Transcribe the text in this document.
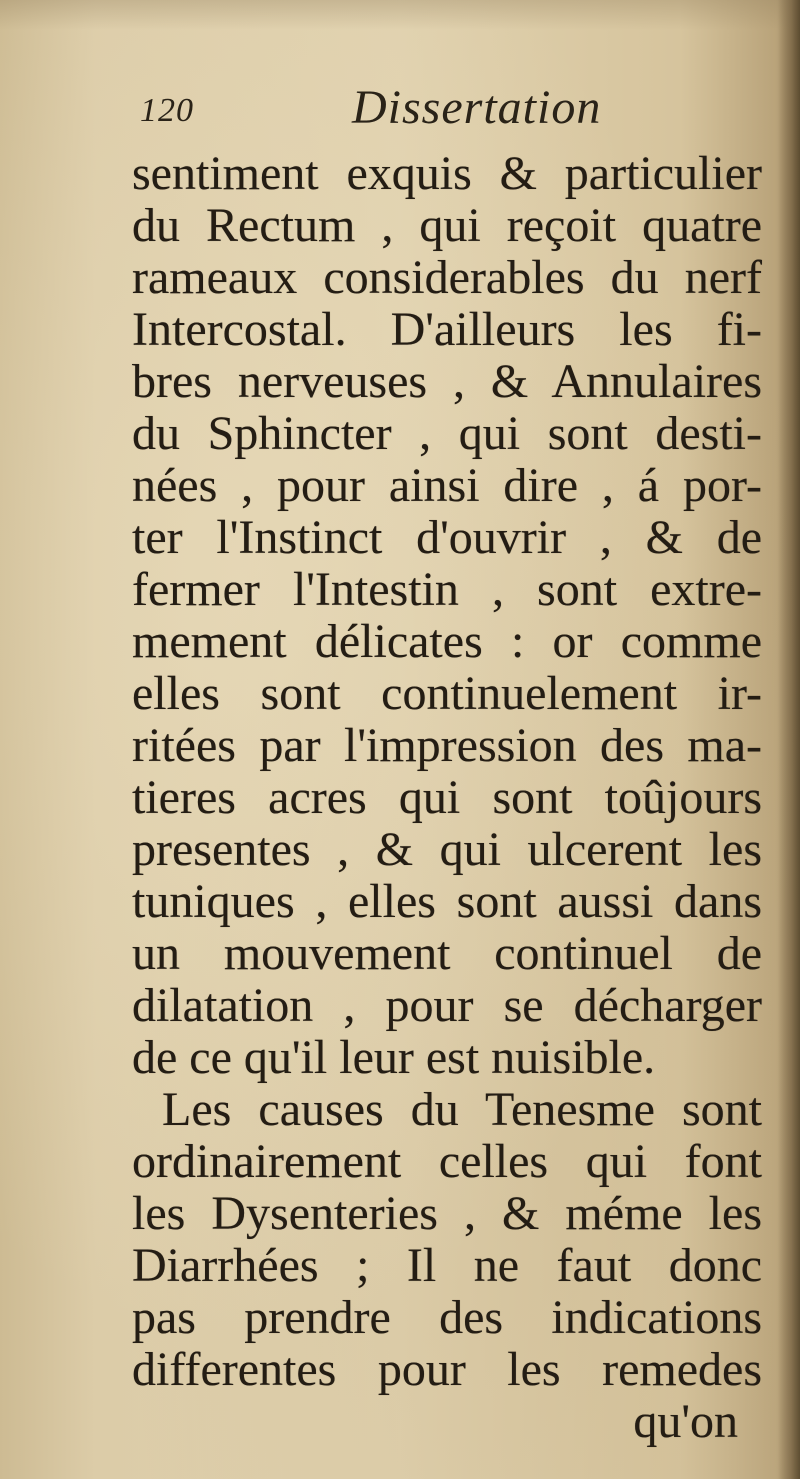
120	Dissertation
sentiment exquis & particulier
du Rectum , qui reçoit quatre
rameaux considerables du nerf
Intercostal. D'ailleurs les fi-
bres nerveuses , & Annulaires
du Sphincter , qui sont desti-
nées , pour ainsi dire , á por-
ter l'Instinct d'ouvrir , & de
fermer l'Intestin , sont extre-
mement délicates : or comme
elles sont continuelement ir-
ritées par l'impression des ma-
tieres acres qui sont toûjours
presentes , & qui ulcerent les
tuniques , elles sont aussi dans
un mouvement continuel de
dilatation , pour se décharger
de ce qu'il leur est nuisible.
Les causes du Tenesme sont
ordinairement celles qui font
les Dysenteries , & méme les
Diarrhées ; Il ne faut donc
pas prendre des indications
differentes pour les remedes
qu'on
